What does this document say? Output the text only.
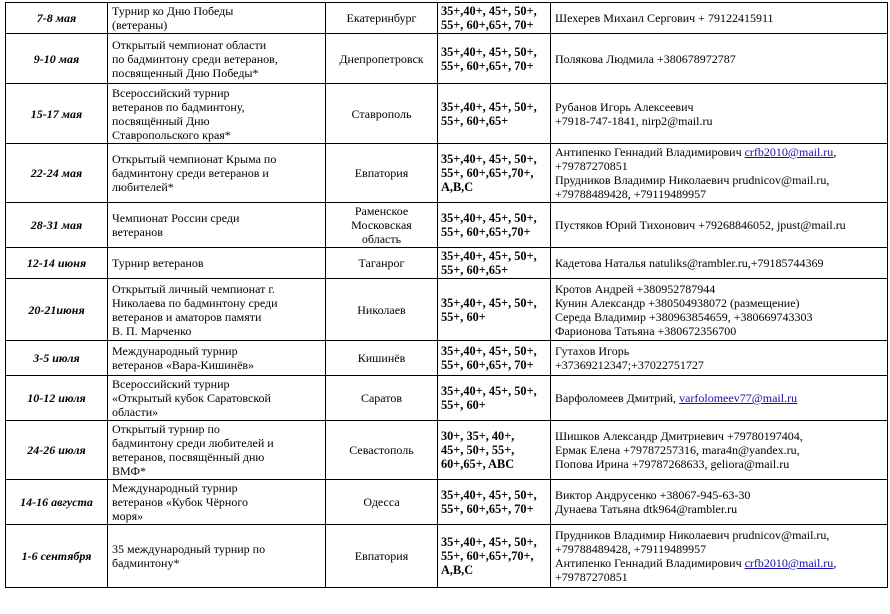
7-8 мая	Турнир ко Дню Победы
(ветераны)	Екатеринбург	35+,40+, 45+, 50+,
55+, 60+,65+, 70+	Шехерев Михаил Сергович + 79122415911

9-10 мая	Открытый чемпионат области
по бадминтону среди ветеранов,
посвященный Дню Победы*	Днепропетровск	35+,40+, 45+, 50+,
55+, 60+,65+, 70+	Полякова Людмила +380678972787

15-17 мая	Всероссийский турнир
ветеранов по бадминтону,
посвящённый Дню
Ставропольского края*	Ставрополь	35+,40+, 45+, 50+,
55+, 60+,65+	Рубанов Игорь Алексеевич
+7918-747-1841, nirp2@mail.ru

22-24 мая	Открытый чемпионат Крыма по
бадминтону среди ветеранов и
любителей*	Евпатория	35+,40+, 45+, 50+,
55+, 60+,65+,70+,
A,B,C	Антипенко Геннадий Владимирович crfb2010@mail.ru,
+79787270851
Прудников Владимир Николаевич prudnicov@mail.ru,
+79788489428, +79119489957

28-31 мая	Чемпионат России среди
ветеранов	Раменское
Московская
область	35+,40+, 45+, 50+,
55+, 60+,65+,70+	Пустяков Юрий Тихонович +79268846052, jpust@mail.ru

12-14 июня	Турнир ветеранов	Таганрог	35+,40+, 45+, 50+,
55+, 60+,65+	Кадетова Наталья natuliks@rambler.ru,+79185744369

20-21июня	Открытый личный чемпионат г.
Николаева по бадминтону среди
ветеранов и аматоров памяти
В. П. Марченко	Николаев	35+,40+, 45+, 50+,
55+, 60+	Кротов Андрей +380952787944
Кунин Александр +380504938072 (размещение)
Середа Владимир +380963854659, +380669743303
Фарионова Татьяна +380672356700

3-5 июля	Международный турнир
ветеранов «Вара-Кишинёв»	Кишинёв	35+,40+, 45+, 50+,
55+, 60+,65+, 70+	Гутахов Игорь
+37369212347;+37022751727

10-12 июля	Всероссийский турнир
«Открытый кубок Саратовской
области»	Саратов	35+,40+, 45+, 50+,
55+, 60+	Варфоломеев Дмитрий, varfolomeev77@mail.ru

24-26 июля	Открытый турнир по
бадминтону среди любителей и
ветеранов, посвящённый дню
ВМФ*	Севастополь	30+, 35+, 40+,
45+, 50+, 55+,
60+,65+, ABC	Шишков Александр Дмитриевич +79780197404,
Ермак Елена +79787257316, mara4n@yandex.ru,
Попова Ирина +79787268633, geliora@mail.ru

14-16 августа	Международный турнир
ветеранов «Кубок Чёрного
моря»	Одесса	35+,40+, 45+, 50+,
55+, 60+,65+, 70+	Виктор Андрусенко +38067-945-63-30
Дунаева Татьяна dtk964@rambler.ru

1-6 сентября	35 международный турнир по
бадминтону*	Евпатория	35+,40+, 45+, 50+,
55+, 60+,65+,70+,
A,B,C	Прудников Владимир Николаевич prudnicov@mail.ru,
+79788489428, +79119489957
Антипенко Геннадий Владимирович crfb2010@mail.ru,
+79787270851
